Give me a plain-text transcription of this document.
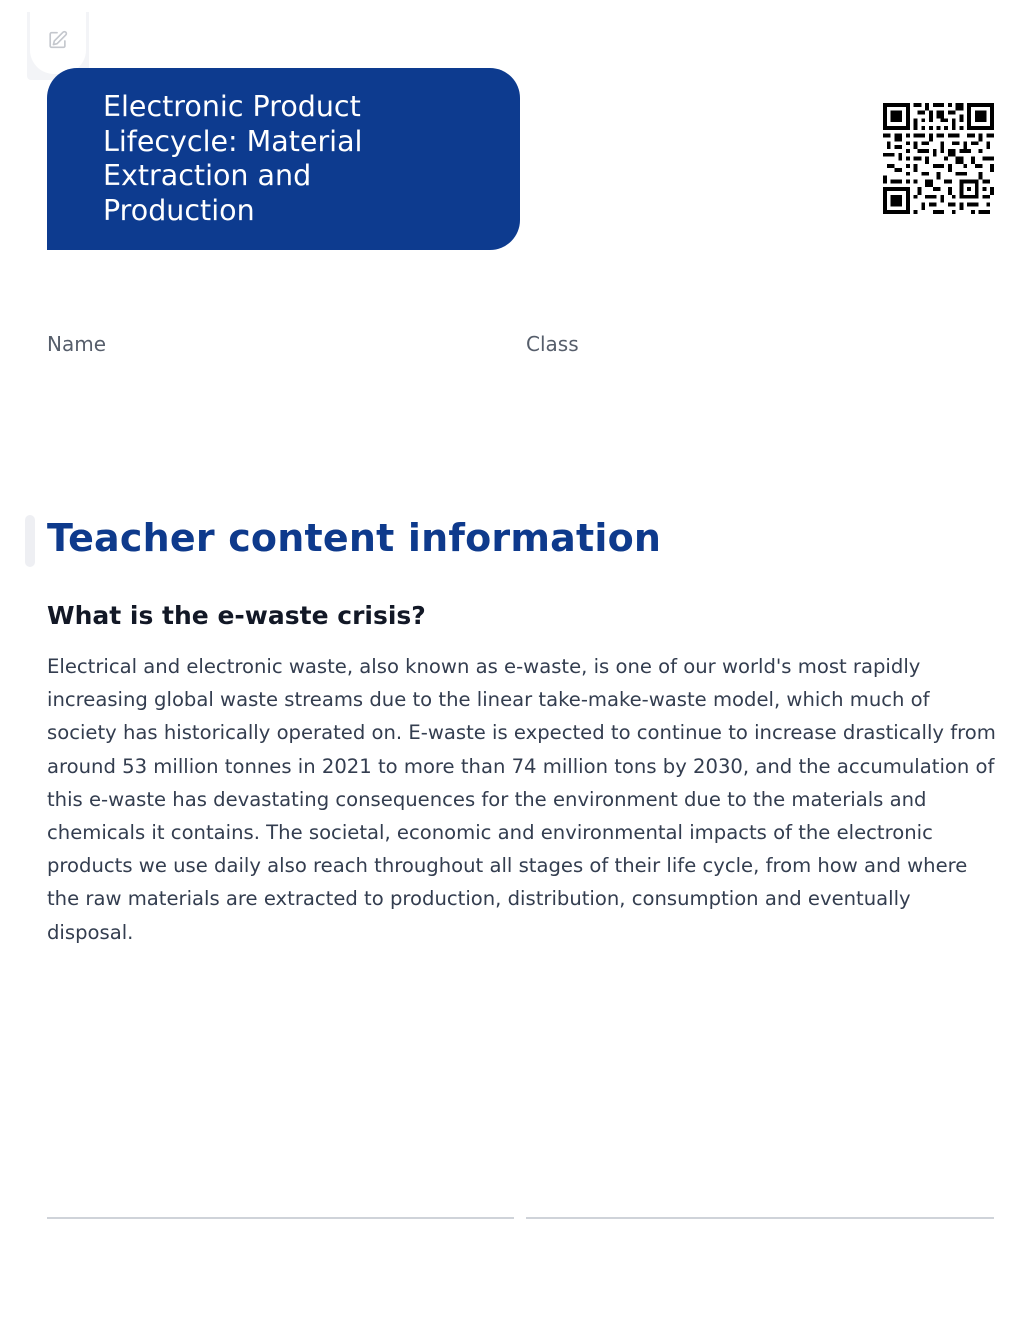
Electronic Product Lifecycle: Material Extraction and Production
Name	Class
Teacher content information
What is the e-waste crisis?

Electrical and electronic waste, also known as e-waste, is one of our world's most rapidly increasing global waste streams due to the linear take-make-waste model, which much of society has historically operated on. E-waste is expected to continue to increase drastically from around 53 million tonnes in 2021 to more than 74 million tons by 2030, and the accumulation of this e-waste has devastating consequences for the environment due to the materials and chemicals it contains. The societal, economic and environmental impacts of the electronic products we use daily also reach throughout all stages of their life cycle, from how and where the raw materials are extracted to production, distribution, consumption and eventually disposal.
